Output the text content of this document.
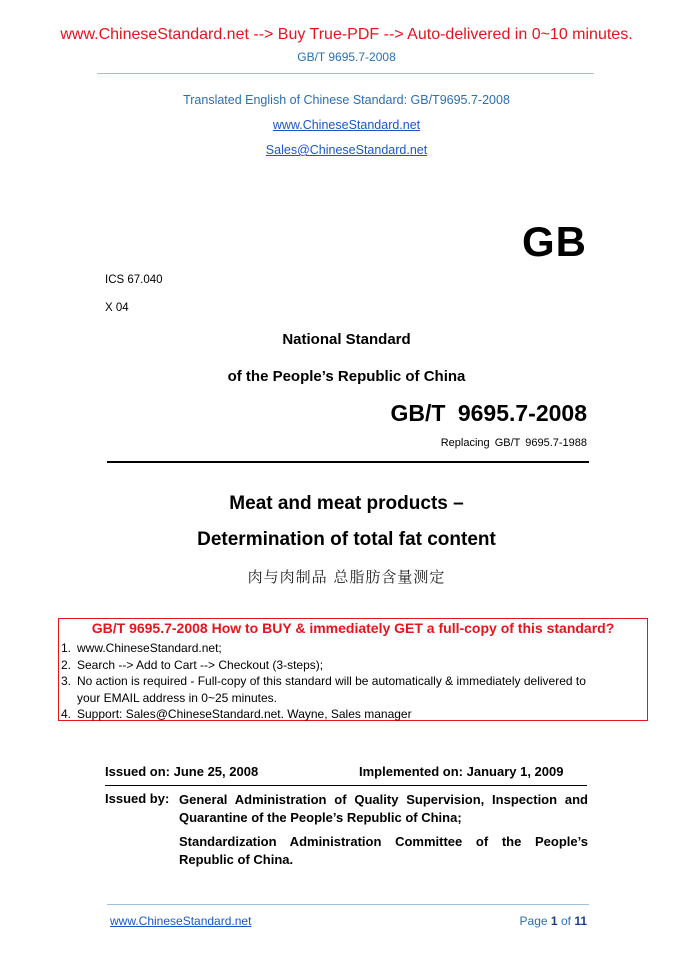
www.ChineseStandard.net --> Buy True-PDF --> Auto-delivered in 0~10 minutes.
GB/T 9695.7-2008
Translated English of Chinese Standard: GB/T9695.7-2008
www.ChineseStandard.net
Sales@ChineseStandard.net
GB
ICS 67.040
X 04
National Standard
of the People’s Republic of China
GB/T 9695.7-2008
Replacing GB/T 9695.7-1988
Meat and meat products –
Determination of total fat content
肉与肉制品 总脂肪含量测定
GB/T 9695.7-2008 How to BUY & immediately GET a full-copy of this standard?
1. www.ChineseStandard.net;
2. Search --> Add to Cart --> Checkout (3-steps);
3. No action is required - Full-copy of this standard will be automatically & immediately delivered to
your EMAIL address in 0~25 minutes.
4. Support: Sales@ChineseStandard.net. Wayne, Sales manager
Issued on: June 25, 2008	Implemented on: January 1, 2009
Issued by: General Administration of Quality Supervision, Inspection and Quarantine of the People’s Republic of China;

Standardization Administration Committee of the People’s Republic of China.

www.ChineseStandard.net	Page 1 of 11
